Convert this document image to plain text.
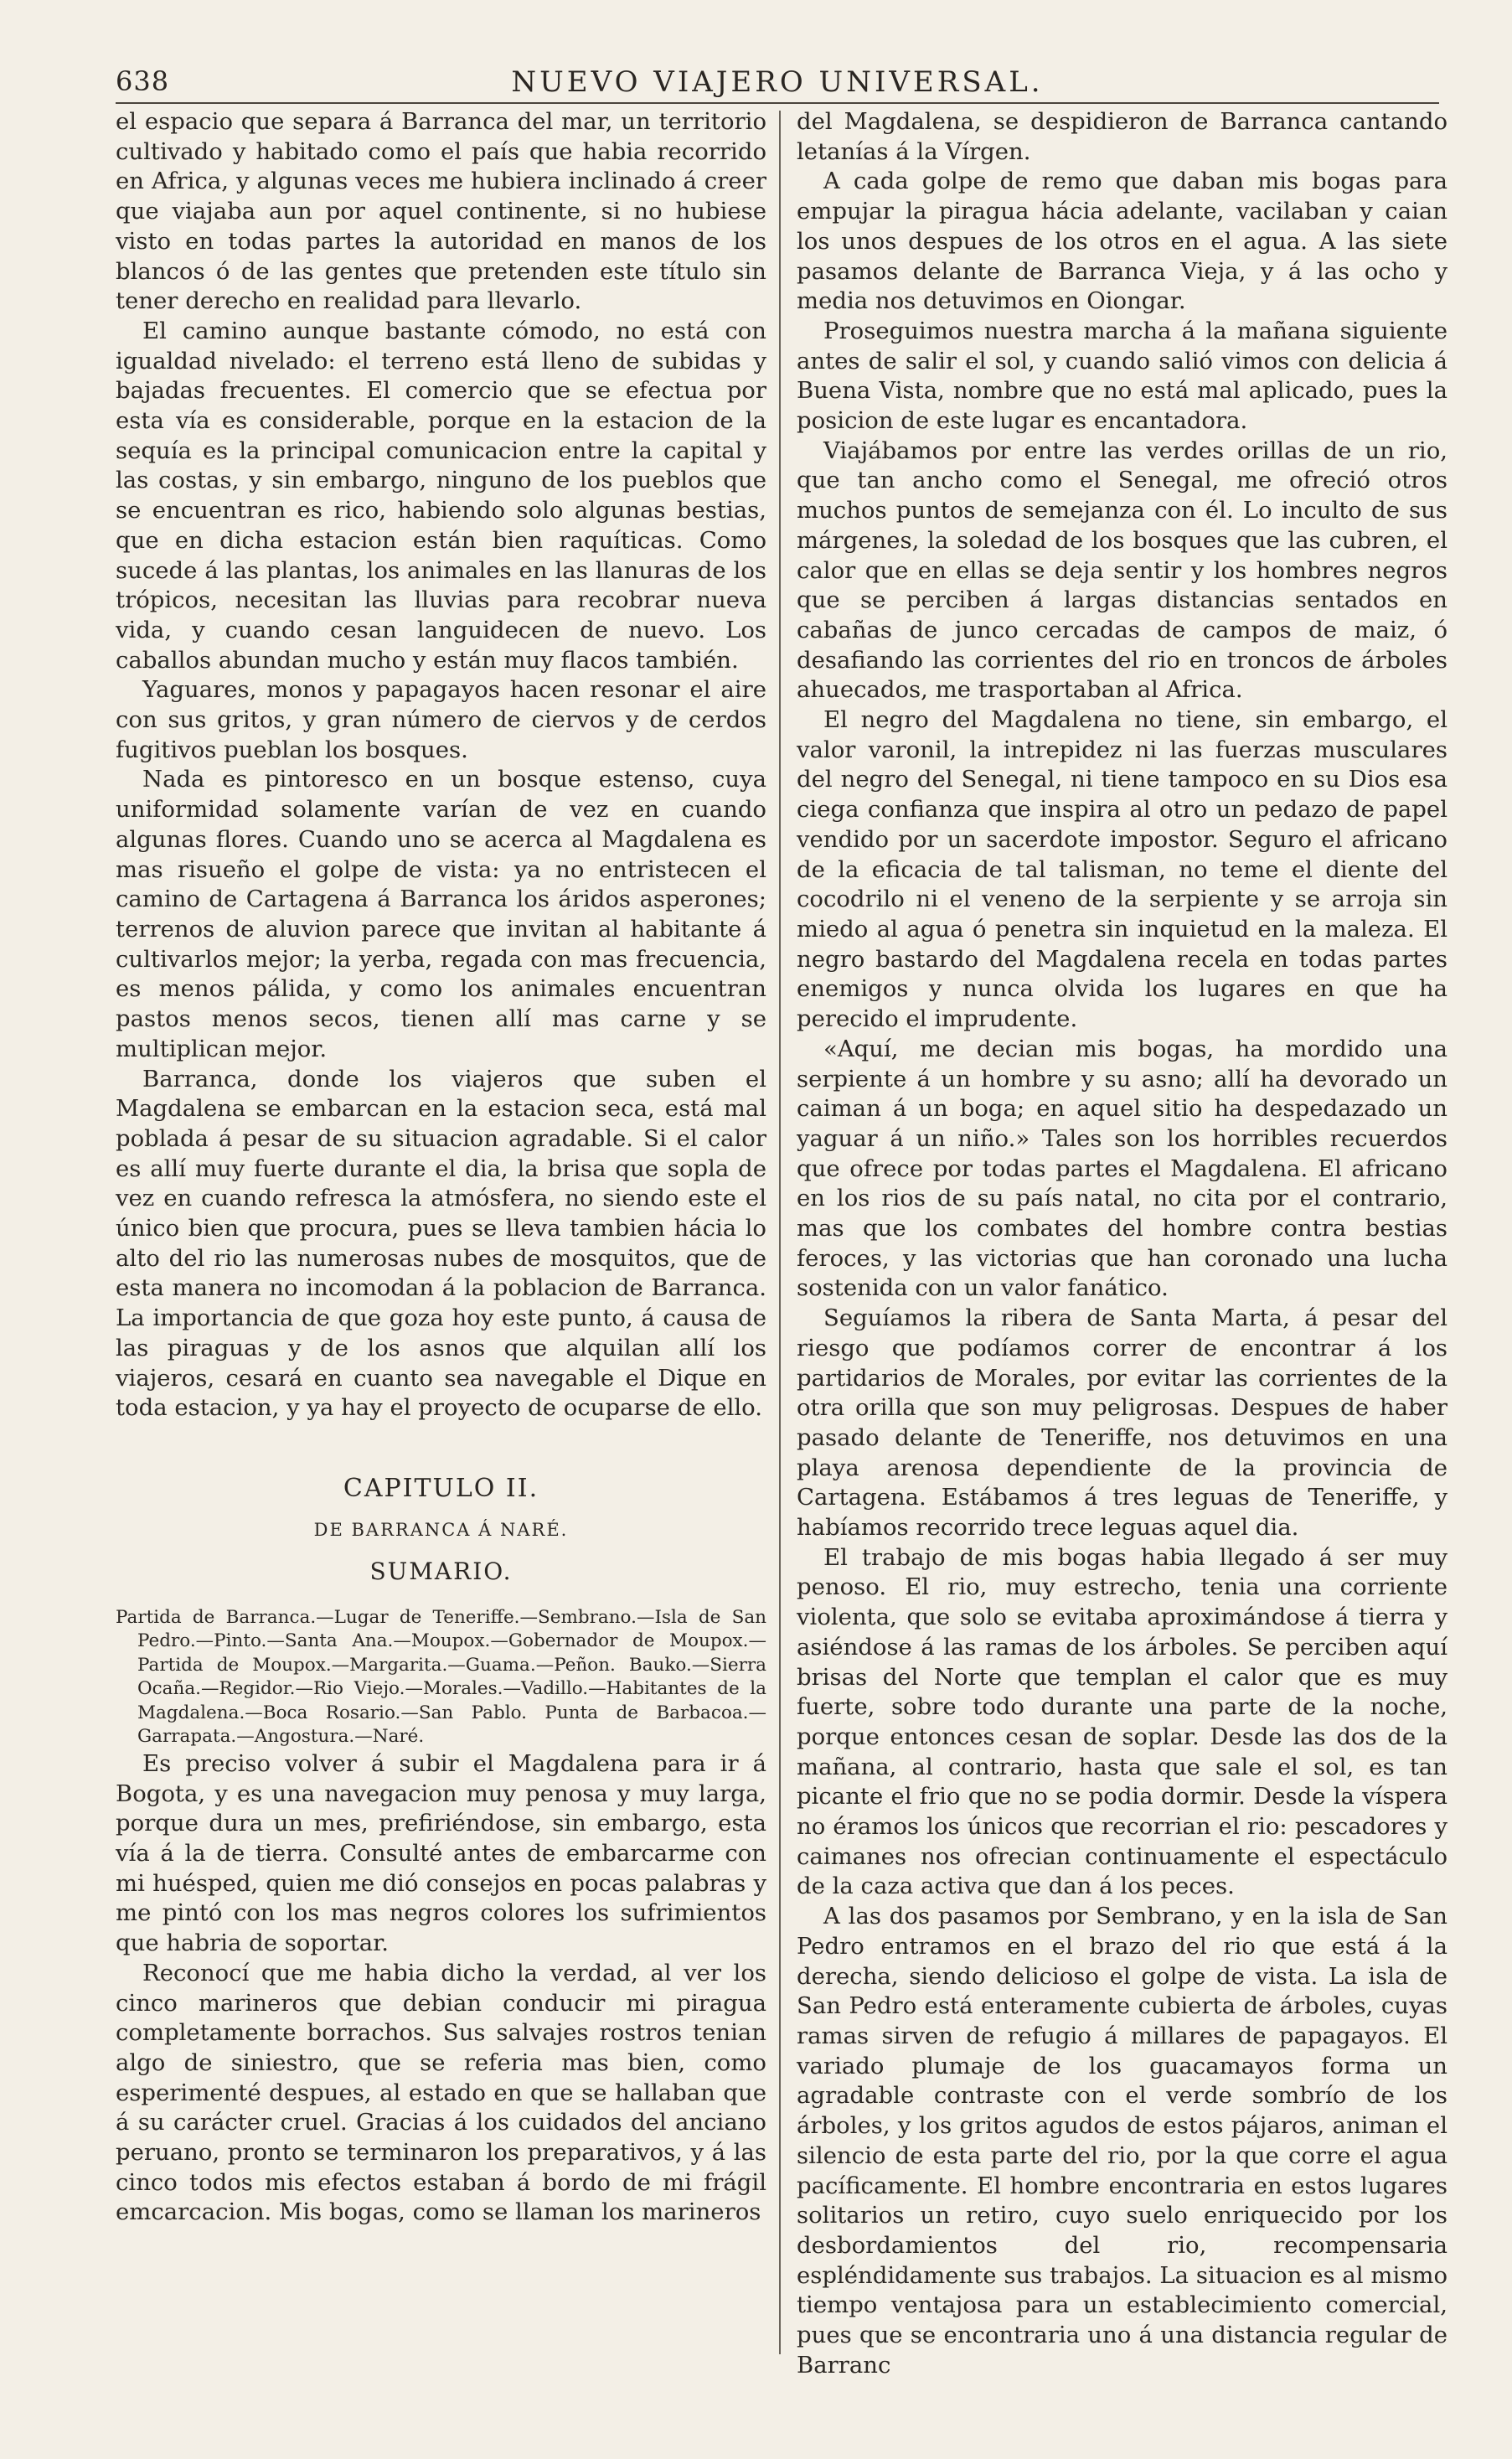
638	NUEVO VIAJERO UNIVERSAL.

el espacio que separa á Barranca del mar, un territorio cultivado y habitado como el país que habia recorrido en Africa, y algunas veces me hubiera inclinado á creer que viajaba aun por aquel continente, si no hubiese visto en todas partes la autoridad en manos de los blancos ó de las gentes que pretenden este título sin tener derecho en realidad para llevarlo.

El camino aunque bastante cómodo, no está con igualdad nivelado: el terreno está lleno de subidas y bajadas frecuentes. El comercio que se efectua por esta vía es considerable, porque en la estacion de la sequía es la principal comunicacion entre la capital y las costas, y sin embargo, ninguno de los pueblos que se encuentran es rico, habiendo solo algunas bestias, que en dicha estacion están bien raquíticas. Como sucede á las plantas, los animales en las llanuras de los trópicos, necesitan las lluvias para recobrar nueva vida, y cuando cesan languidecen de nuevo. Los caballos abundan mucho y están muy flacos también.

Yaguares, monos y papagayos hacen resonar el aire con sus gritos, y gran número de ciervos y de cerdos fugitivos pueblan los bosques.

Nada es pintoresco en un bosque estenso, cuya uniformidad solamente varían de vez en cuando algunas flores. Cuando uno se acerca al Magdalena es mas risueño el golpe de vista: ya no entristecen el camino de Cartagena á Barranca los áridos asperones; terrenos de aluvion parece que invitan al habitante á cultivarlos mejor; la yerba, regada con mas frecuencia, es menos pálida, y como los animales encuentran pastos menos secos, tienen allí mas carne y se multiplican mejor.

Barranca, donde los viajeros que suben el Magdalena se embarcan en la estacion seca, está mal poblada á pesar de su situacion agradable. Si el calor es allí muy fuerte durante el dia, la brisa que sopla de vez en cuando refresca la atmósfera, no siendo este el único bien que procura, pues se lleva tambien hácia lo alto del rio las numerosas nubes de mosquitos, que de esta manera no incomodan á la poblacion de Barranca. La importancia de que goza hoy este punto, á causa de las piraguas y de los asnos que alquilan allí los viajeros, cesará en cuanto sea navegable el Dique en toda estacion, y ya hay el proyecto de ocuparse de ello.

CAPITULO II.
DE BARRANCA Á NARÉ.
SUMARIO.

Partida de Barranca.—Lugar de Teneriffe.—Sembrano.—Isla de San Pedro.—Pinto.—Santa Ana.—Moupox.—Gobernador de Moupox.—Partida de Moupox.—Margarita.—Guama.—Peñon. Bauko.—Sierra Ocaña.—Regidor.—Rio Viejo.—Morales.—Vadillo.—Habitantes de la Magdalena.—Boca Rosario.—San Pablo. Punta de Barbacoa.—Garrapata.—Angostura.—Naré.

Es preciso volver á subir el Magdalena para ir á Bogota, y es una navegacion muy penosa y muy larga, porque dura un mes, prefiriéndose, sin embargo, esta vía á la de tierra. Consulté antes de embarcarme con mi huésped, quien me dió consejos en pocas palabras y me pintó con los mas negros colores los sufrimientos que habria de soportar.

Reconocí que me habia dicho la verdad, al ver los cinco marineros que debian conducir mi piragua completamente borrachos. Sus salvajes rostros tenian algo de siniestro, que se referia mas bien, como esperimenté despues, al estado en que se hallaban que á su carácter cruel. Gracias á los cuidados del anciano peruano, pronto se terminaron los preparativos, y á las cinco todos mis efectos estaban á bordo de mi frágil emcarcacion. Mis bogas, como se llaman los marineros

del Magdalena, se despidieron de Barranca cantando letanías á la Vírgen.

A cada golpe de remo que daban mis bogas para empujar la piragua hácia adelante, vacilaban y caian los unos despues de los otros en el agua. A las siete pasamos delante de Barranca Vieja, y á las ocho y media nos detuvimos en Oiongar.

Proseguimos nuestra marcha á la mañana siguiente antes de salir el sol, y cuando salió vimos con delicia á Buena Vista, nombre que no está mal aplicado, pues la posicion de este lugar es encantadora.

Viajábamos por entre las verdes orillas de un rio, que tan ancho como el Senegal, me ofreció otros muchos puntos de semejanza con él. Lo inculto de sus márgenes, la soledad de los bosques que las cubren, el calor que en ellas se deja sentir y los hombres negros que se perciben á largas distancias sentados en cabañas de junco cercadas de campos de maiz, ó desafiando las corrientes del rio en troncos de árboles ahuecados, me trasportaban al Africa.

El negro del Magdalena no tiene, sin embargo, el valor varonil, la intrepidez ni las fuerzas musculares del negro del Senegal, ni tiene tampoco en su Dios esa ciega confianza que inspira al otro un pedazo de papel vendido por un sacerdote impostor. Seguro el africano de la eficacia de tal talisman, no teme el diente del cocodrilo ni el veneno de la serpiente y se arroja sin miedo al agua ó penetra sin inquietud en la maleza. El negro bastardo del Magdalena recela en todas partes enemigos y nunca olvida los lugares en que ha perecido el imprudente.

«Aquí, me decian mis bogas, ha mordido una serpiente á un hombre y su asno; allí ha devorado un caiman á un boga; en aquel sitio ha despedazado un yaguar á un niño.» Tales son los horribles recuerdos que ofrece por todas partes el Magdalena. El africano en los rios de su país natal, no cita por el contrario, mas que los combates del hombre contra bestias feroces, y las victorias que han coronado una lucha sostenida con un valor fanático.

Seguíamos la ribera de Santa Marta, á pesar del riesgo que podíamos correr de encontrar á los partidarios de Morales, por evitar las corrientes de la otra orilla que son muy peligrosas. Despues de haber pasado delante de Teneriffe, nos detuvimos en una playa arenosa dependiente de la provincia de Cartagena. Estábamos á tres leguas de Teneriffe, y habíamos recorrido trece leguas aquel dia.

El trabajo de mis bogas habia llegado á ser muy penoso. El rio, muy estrecho, tenia una corriente violenta, que solo se evitaba aproximándose á tierra y asiéndose á las ramas de los árboles. Se perciben aquí brisas del Norte que templan el calor que es muy fuerte, sobre todo durante una parte de la noche, porque entonces cesan de soplar. Desde las dos de la mañana, al contrario, hasta que sale el sol, es tan picante el frio que no se podia dormir. Desde la víspera no éramos los únicos que recorrian el rio: pescadores y caimanes nos ofrecian continuamente el espectáculo de la caza activa que dan á los peces.

A las dos pasamos por Sembrano, y en la isla de San Pedro entramos en el brazo del rio que está á la derecha, siendo delicioso el golpe de vista. La isla de San Pedro está enteramente cubierta de árboles, cuyas ramas sirven de refugio á millares de papagayos. El variado plumaje de los guacamayos forma un agradable contraste con el verde sombrío de los árboles, y los gritos agudos de estos pájaros, animan el silencio de esta parte del rio, por la que corre el agua pacíficamente. El hombre encontraria en estos lugares solitarios un retiro, cuyo suelo enriquecido por los desbordamientos del rio, recompensaria espléndidamente sus trabajos. La situacion es al mismo tiempo ventajosa para un establecimiento comercial, pues que se encontraria uno á una distancia regular de Barranc
